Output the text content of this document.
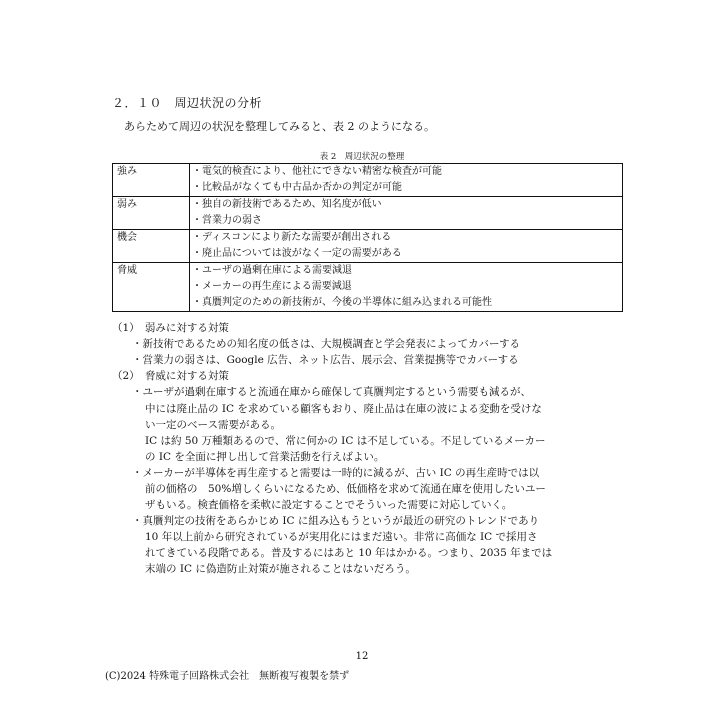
２．１０　周辺状況の分析
あらためて周辺の状況を整理してみると、表 2 のようになる。
表 2　周辺状況の整理
強み	・電気的検査により、他社にできない精密な検査が可能
・比較品がなくても中古品か否かの判定が可能

弱み	・独自の新技術であるため、知名度が低い
・営業力の弱さ

機会	・ディスコンにより新たな需要が創出される
・廃止品については波がなく一定の需要がある

脅威	・ユーザの過剰在庫による需要減退
・メーカーの再生産による需要減退
・真贋判定のための新技術が、今後の半導体に組み込まれる可能性
（1）　弱みに対する対策
・新技術であるための知名度の低さは、大規模調査と学会発表によってカバーする
・営業力の弱さは、Google 広告、ネット広告、展示会、営業提携等でカバーする
（2）　脅威に対する対策
・ユーザが過剰在庫すると流通在庫から確保して真贋判定するという需要も減るが、
中には廃止品の IC を求めている顧客もおり、廃止品は在庫の波による変動を受けな
い一定のベース需要がある。
IC は約 50 万種類あるので、常に何かの IC は不足している。不足しているメーカー
の IC を全面に押し出して営業活動を行えばよい。
・メーカーが半導体を再生産すると需要は一時的に減るが、古い IC の再生産時では以
前の価格の　50%増しくらいになるため、低価格を求めて流通在庫を使用したいユー
ザもいる。検査価格を柔軟に設定することでそういった需要に対応していく。
・真贋判定の技術をあらかじめ IC に組み込もうというが最近の研究のトレンドであり
10 年以上前から研究されているが実用化にはまだ遠い。非常に高価な IC で採用さ
れてきている段階である。普及するにはあと 10 年はかかる。つまり、2035 年までは
末端の IC に偽造防止対策が施されることはないだろう。
12
(C)2024 特殊電子回路株式会社　無断複写複製を禁ず
